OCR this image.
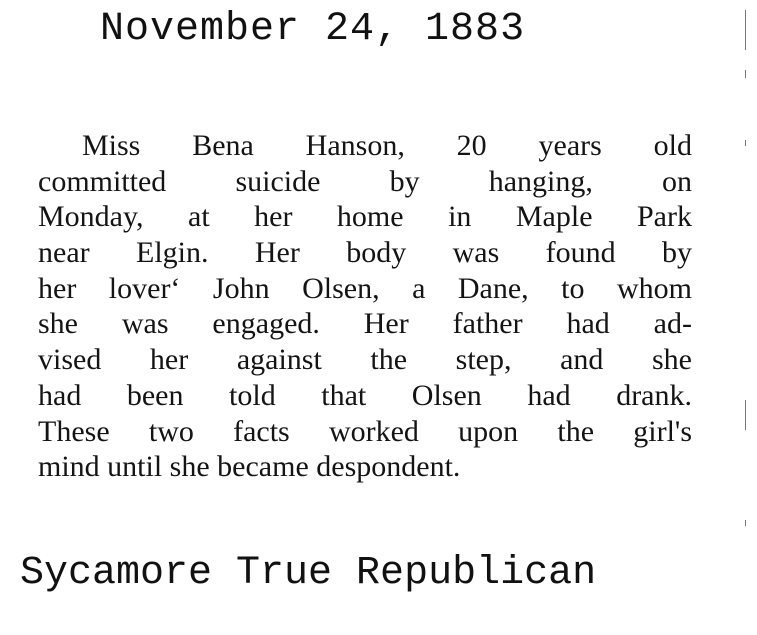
November 24, 1883
Miss Bena Hanson, 20 years old
committed suicide by hanging, on
Monday, at her home in Maple Park
near Elgin. Her body was found by
her lover‘ John Olsen, a Dane, to whom
she was engaged. Her father had ad-
vised her against the step, and she
had been told that Olsen had drank.
These two facts worked upon the girl's
mind until she became despondent.
Sycamore True Republican
